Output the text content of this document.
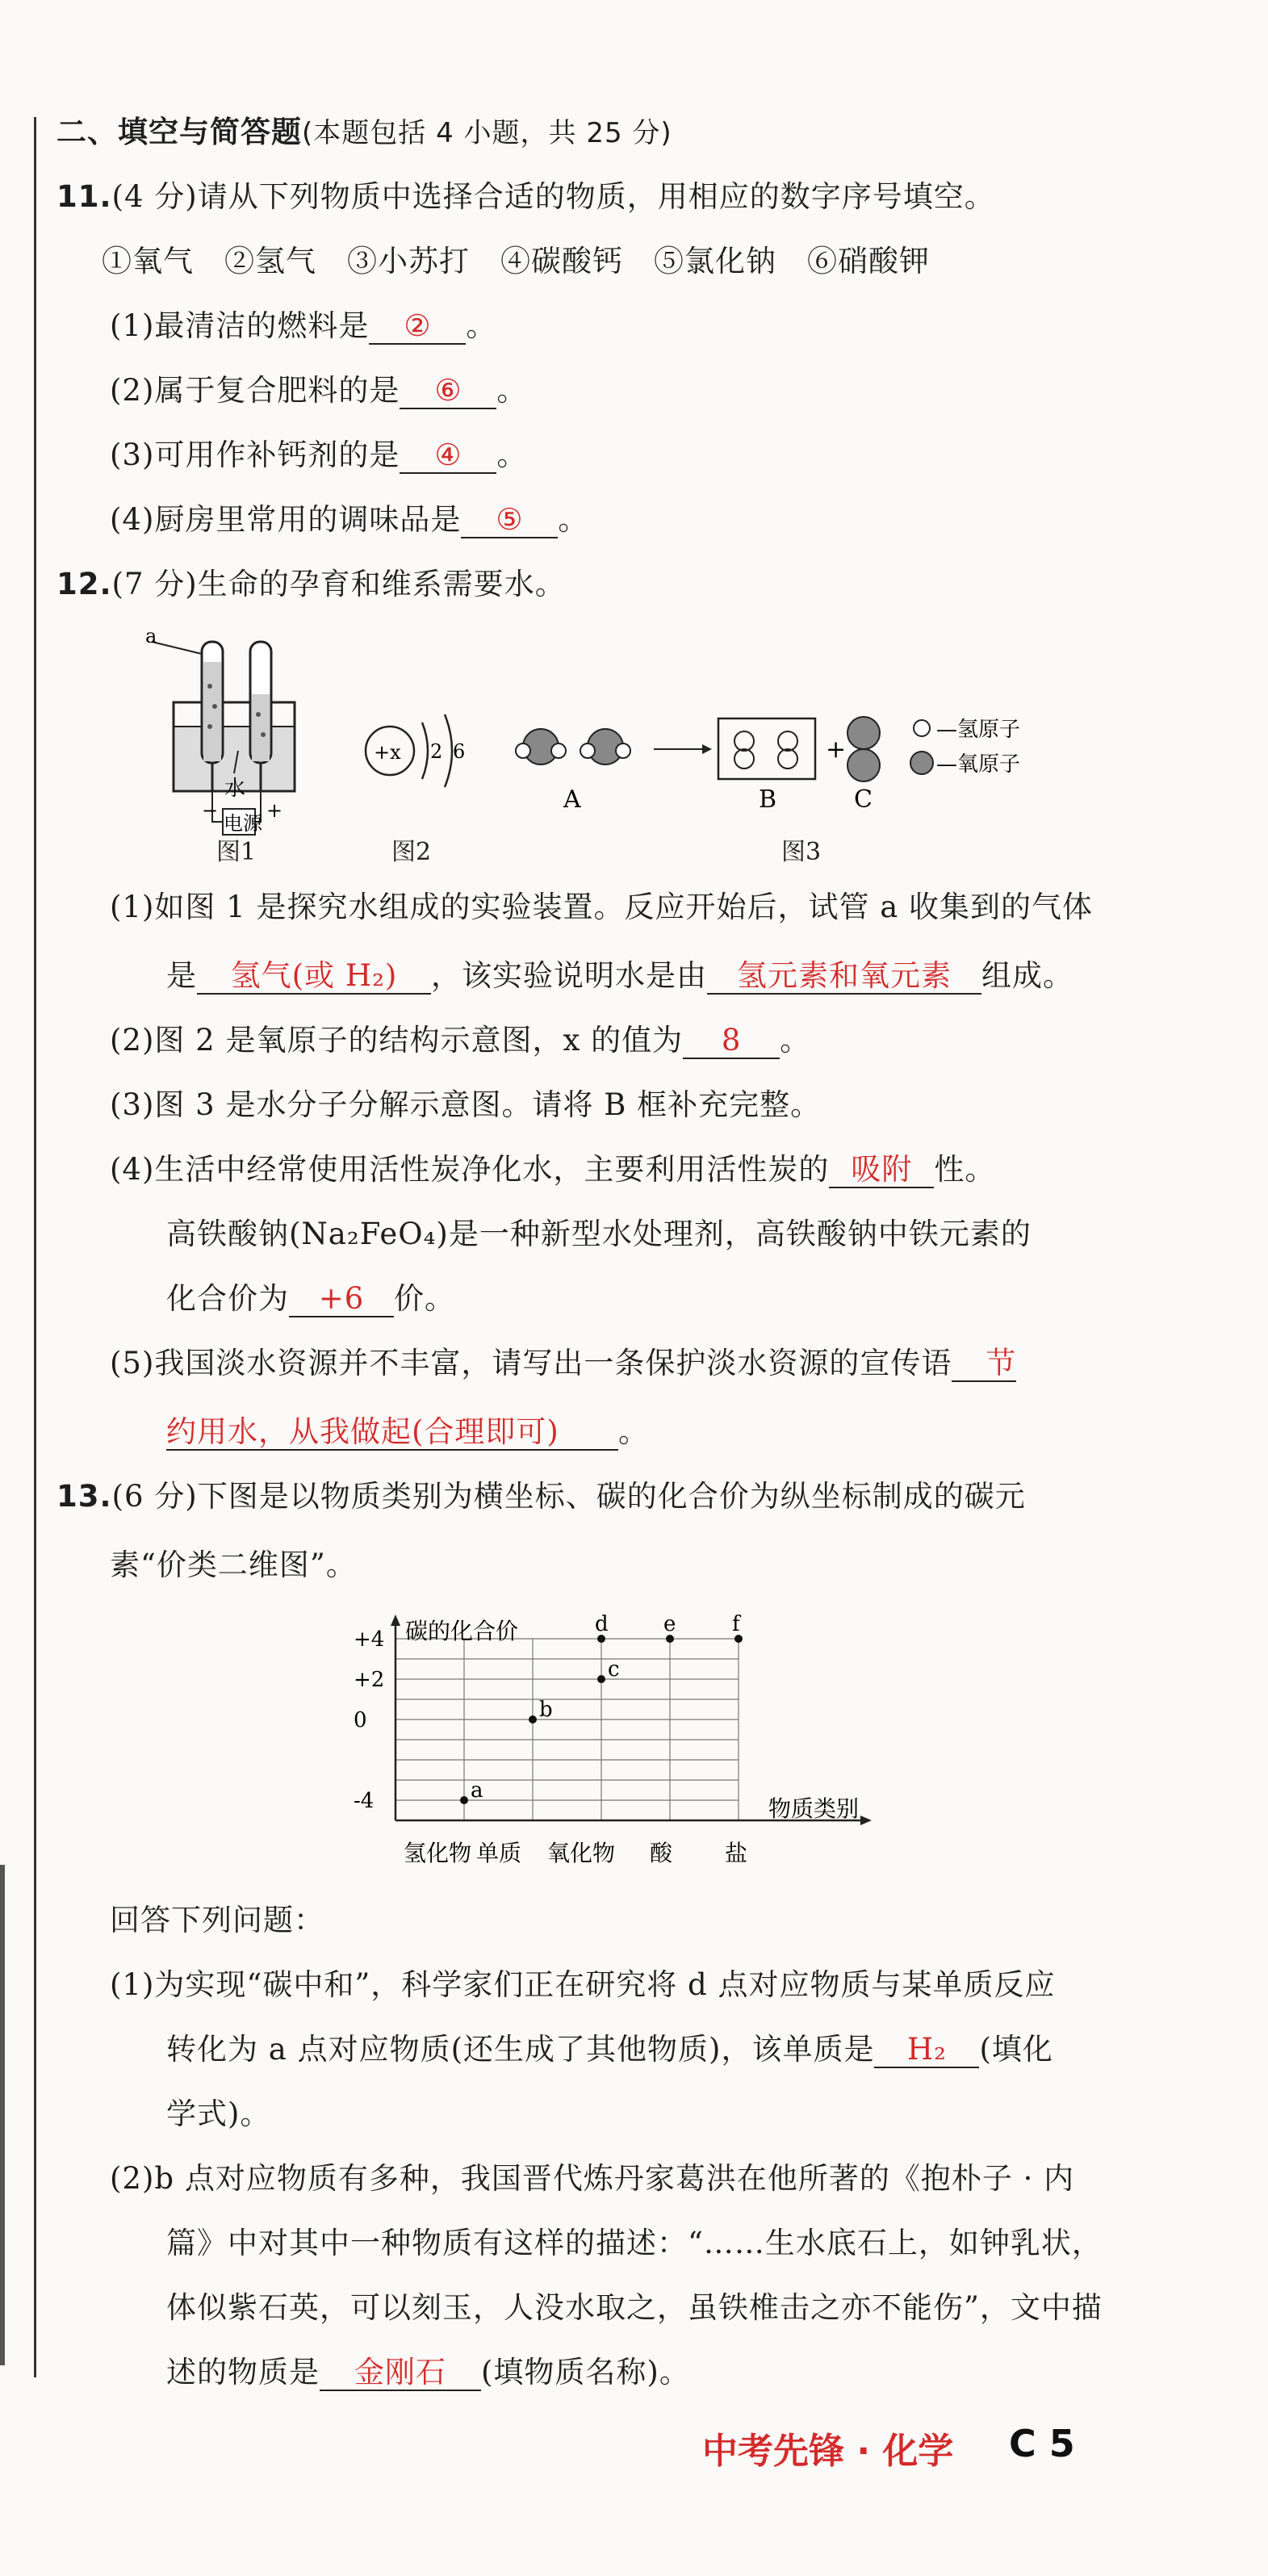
二、填空与简答题(本题包括 4 小题，共 25 分)
11.(4 分)请从下列物质中选择合适的物质，用相应的数字序号填空。
①氧气　②氢气　③小苏打　④碳酸钙　⑤氯化钠　⑥硝酸钾
(1)最清洁的燃料是 ② 。
(2)属于复合肥料的是 ⑥ 。
(3)可用作补钙剂的是 ④ 。
(4)厨房里常用的调味品是 ⑤ 。
12.(7 分)生命的孕育和维系需要水。
a
水
电源
− +
图1
+x 2 6
图2
A	B
+
C
—氢原子
—氧原子
图3
(1)如图 1 是探究水组成的实验装置。反应开始后，试管 a 收集到的气体
是 氢气(或 H₂) ，该实验说明水是由 氢元素和氧元素 组成。
(2)图 2 是氧原子的结构示意图，x 的值为 8 。
(3)图 3 是水分子分解示意图。请将 B 框补充完整。
(4)生活中经常使用活性炭净化水，主要利用活性炭的 吸附 性。
高铁酸钠(Na₂FeO₄)是一种新型水处理剂，高铁酸钠中铁元素的
化合价为 +6 价。
(5)我国淡水资源并不丰富，请写出一条保护淡水资源的宣传语 节
约用水，从我做起(合理即可) 。
13.(6 分)下图是以物质类别为横坐标、碳的化合价为纵坐标制成的碳元
素“价类二维图”。
碳的化合价
物质类别
+4
+2
0
-4
氢化物 单质 氧化物 酸 盐
a
b
c
d	e	f
回答下列问题：
(1)为实现“碳中和”，科学家们正在研究将 d 点对应物质与某单质反应
转化为 a 点对应物质(还生成了其他物质)，该单质是 H₂ (填化
学式)。
(2)b 点对应物质有多种，我国晋代炼丹家葛洪在他所著的《抱朴子 · 内
篇》中对其中一种物质有这样的描述：“……生水底石上，如钟乳状，
体似紫石英，可以刻玉，人没水取之，虽铁椎击之亦不能伤”，文中描
述的物质是 金刚石 (填物质名称)。
中考先锋 · 化学 C 5
